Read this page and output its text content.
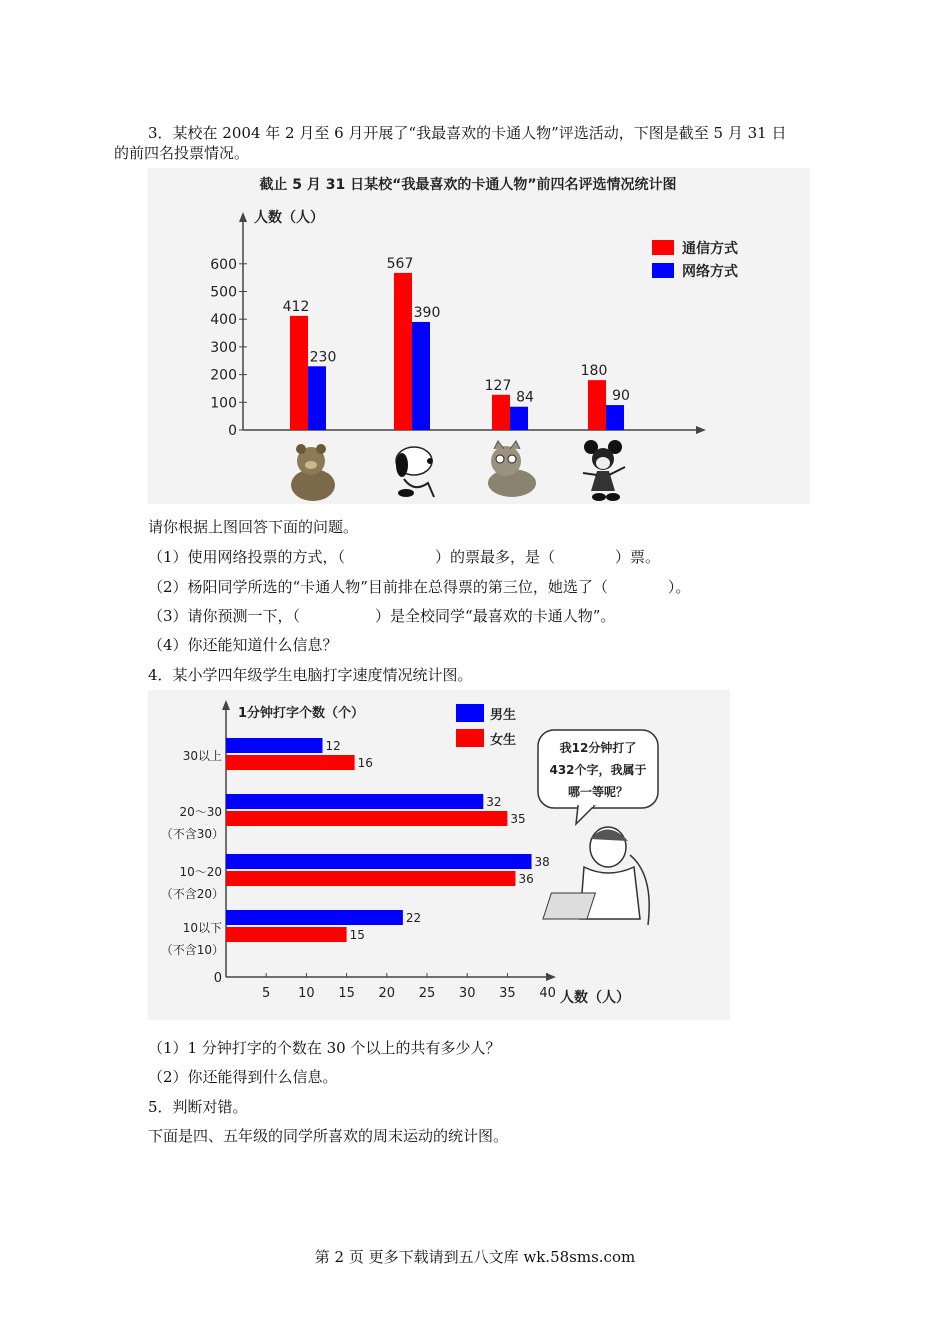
3．某校在 2004 年 2 月至 6 月开展了“我最喜欢的卡通人物”评选活动，下图是截至 5 月 31 日
的前四名投票情况。
截止 5 月 31 日某校“我最喜欢的卡通人物”前四名评选情况统计图
人数（人）
0
100
200
300
400
500
600
412
230
567
390
127
84
180
90
通信方式
网络方式
请你根据上图回答下面的问题。
（1）使用网络投票的方式，（　　　　　　）的票最多，是（　　　　）票。
（2）杨阳同学所选的“卡通人物”目前排在总得票的第三位，她选了（　　　　）。
（3）请你预测一下，（　　　　　）是全校同学“最喜欢的卡通人物”。
（4）你还能知道什么信息？
4．某小学四年级学生电脑打字速度情况统计图。
1分钟打字个数（个）
人数（人）
0
5 10 15 20 25 30 35 40
30以上
20～30
（不含30）
10～20
（不含20）
10以下
（不含10）
12
16
32
35
38
36
22
15
男生
女生	我12分钟打了 432个字，我属于哪一等呢？
（1）1 分钟打字的个数在 30 个以上的共有多少人？
（2）你还能得到什么信息。
5．判断对错。
下面是四、五年级的同学所喜欢的周末运动的统计图。
第 2 页 更多下载请到五八文库 wk.58sms.com
